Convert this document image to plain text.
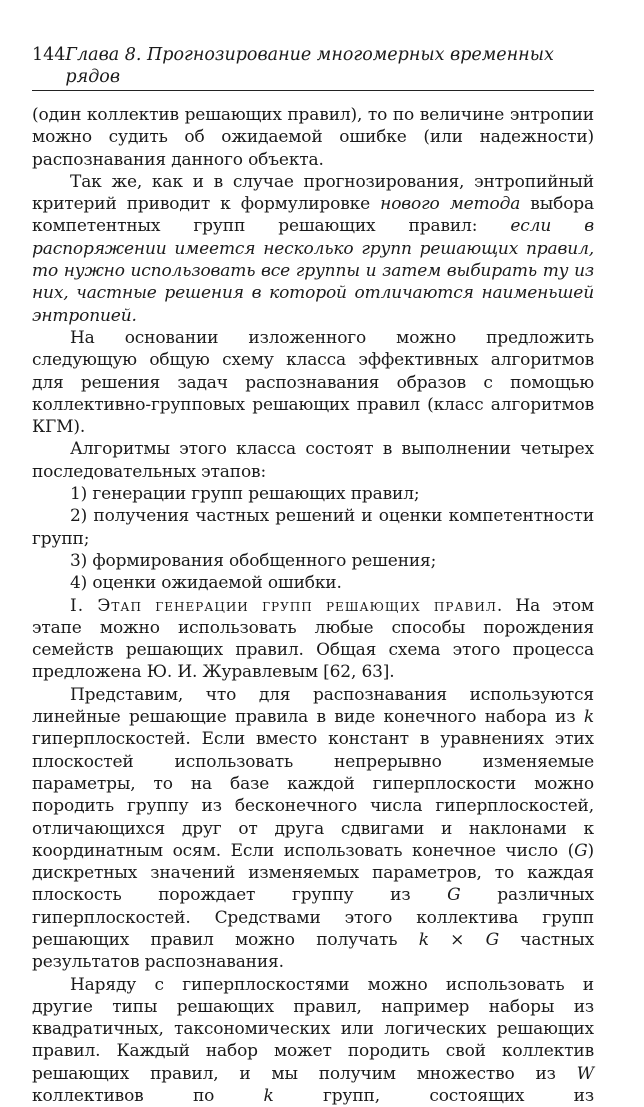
144 Глава 8. Прогнозирование многомерных временных рядов

(один коллектив решающих правил), то по величине энтропии можно судить об ожидаемой ошибке (или надежности) распознавания данного объекта.

Так же, как и в случае прогнозирования, энтропийный критерий приводит к формулировке нового метода выбора компетентных групп решающих правил: если в распоряжении имеется несколько групп решающих правил, то нужно использовать все группы и затем выбирать ту из них, частные решения в которой отличаются наименьшей энтропией.

На основании изложенного можно предложить следующую общую схему класса эффективных алгоритмов для решения задач распознавания образов с помощью коллективно-групповых решающих правил (класс алгоритмов КГМ).

Алгоритмы этого класса состоят в выполнении четырех последовательных этапов:

1) генерации групп решающих правил;

2) получения частных решений и оценки компетентности групп;

3) формирования обобщенного решения;

4) оценки ожидаемой ошибки.

I. Этап генерации групп решающих правил. На этом этапе можно использовать любые способы порождения семейств решающих правил. Общая схема этого процесса предложена Ю. И. Журавлевым [62, 63].

Представим, что для распознавания используются линейные решающие правила в виде конечного набора из k гиперплоскостей. Если вместо констант в уравнениях этих плоскостей использовать непрерывно изменяемые параметры, то на базе каждой гиперплоскости можно породить группу из бесконечного числа гиперплоскостей, отличающихся друг от друга сдвигами и наклонами к координатным осям. Если использовать конечное число (G) дискретных значений изменяемых параметров, то каждая плоскость порождает группу из G различных гиперплоскостей. Средствами этого коллектива групп решающих правил можно получать k × G частных результатов распознавания.

Наряду с гиперплоскостями можно использовать и другие типы решающих правил, например наборы из квадратичных, таксономических или логических решающих правил. Каждый набор может породить свой коллектив решающих правил, и мы получим множество из W коллективов по k групп, состоящих из
